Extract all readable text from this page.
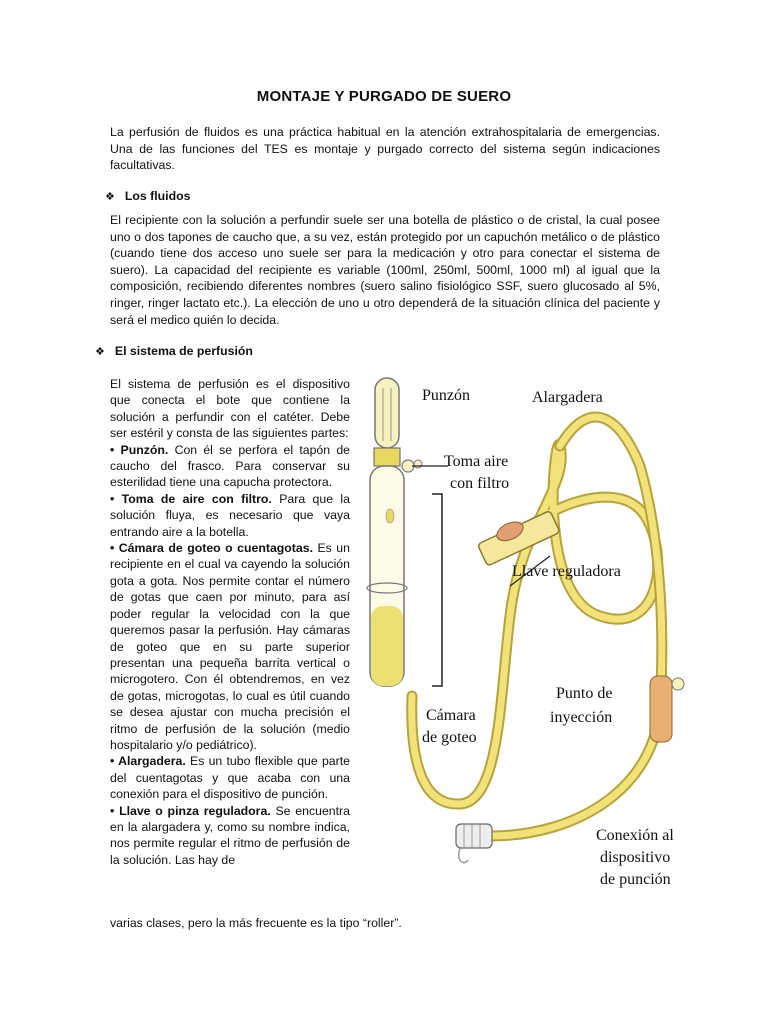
MONTAJE Y PURGADO DE SUERO
La perfusión de fluidos es una práctica habitual en la atención extrahospitalaria de emergencias. Una de las funciones del TES es montaje y purgado correcto del sistema según indicaciones facultativas.
❖ Los fluidos
El recipiente con la solución a perfundir suele ser una botella de plástico o de cristal, la cual posee uno o dos tapones de caucho que, a su vez, están protegido por un capuchón metálico o de plástico (cuando tiene dos acceso uno suele ser para la medicación y otro para conectar el sistema de suero). La capacidad del recipiente es variable (100ml, 250ml, 500ml, 1000 ml) al igual que la composición, recibiendo diferentes nombres (suero salino fisiológico SSF, suero glucosado al 5%, ringer, ringer lactato etc.). La elección de uno u otro dependerá de la situación clínica del paciente y será el medico quién lo decida.
❖ El sistema de perfusión

El sistema de perfusión es el dispositivo que conecta el bote que contiene la solución a perfundir con el catéter. Debe ser estéril y consta de las siguientes partes:

• Punzón. Con él se perfora el tapón de caucho del frasco. Para conservar su esterilidad tiene una capucha protectora.

• Toma de aire con filtro. Para que la solución fluya, es necesario que vaya entrando aire a la botella.

• Cámara de goteo o cuentagotas. Es un recipiente en el cual va cayendo la solución gota a gota. Nos permite contar el número de gotas que caen por minuto, para así poder regular la velocidad con la que queremos pasar la perfusión. Hay cámaras de goteo que en su parte superior presentan una pequeña barrita vertical o microgotero. Con él obtendremos, en vez de gotas, microgotas, lo cual es útil cuando se desea ajustar con mucha precisión el ritmo de perfusión de la solución (medio hospitalario y/o pediátrico).

• Alargadera. Es un tubo flexible que parte del cuentagotas y que acaba con una conexión para el dispositivo de punción.

• Llave o pinza reguladora. Se encuentra en la alargadera y, como su nombre indica, nos permite regular el ritmo de perfusión de la solución. Las hay de

varias clases, pero la más frecuente es la tipo “roller”.
Punzón	Alargadera
Toma aire
con filtro
Llave reguladora
Punto de
inyección
Cámara
de goteo
Conexión al
dispositivo
de punción
